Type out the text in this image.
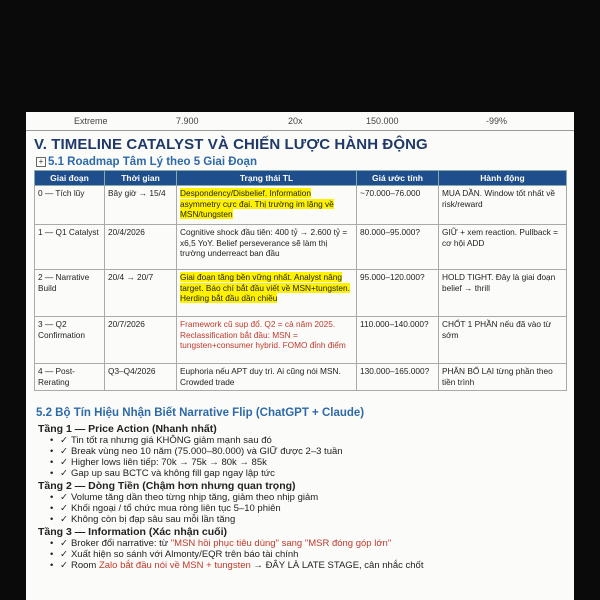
Extreme	7.900	20x	150.000	-99%
V. TIMELINE CATALYST VÀ CHIẾN LƯỢC HÀNH ĐỘNG
+ 5.1 Roadmap Tâm Lý theo 5 Giai Đoạn
Giai đoạn	Thời gian	Trạng thái TL	Giá ước tính	Hành động
0 — Tích lũy	Bây giờ → 15/4	Despondency/Disbelief. Information asymmetry cực đại. Thị trường im lặng về MSN/tungsten	~70.000–76.000	MUA DẦN. Window tốt nhất về risk/reward
1 — Q1 Catalyst	20/4/2026	Cognitive shock đầu tiên: 400 tỷ → 2.600 tỷ = x6,5 YoY. Belief perseverance sẽ làm thị trường underreact ban đầu	80.000–95.000?	GIỮ + xem reaction. Pullback = cơ hội ADD
2 — Narrative Build	20/4 → 20/7	Giai đoạn tăng bền vững nhất. Analyst nâng target. Báo chí bắt đầu viết về MSN+tungsten. Herding bắt đầu dần chiều	95.000–120.000?	HOLD TIGHT. Đây là giai đoạn belief → thrill
3 — Q2 Confirmation	20/7/2026	Framework cũ sụp đổ. Q2 = cả năm 2025. Reclassification bắt đầu: MSN = tungsten+consumer hybrid. FOMO đỉnh điểm	110.000–140.000?	CHỐT 1 PHẦN nếu đã vào từ sớm
4 — Post-Rerating	Q3–Q4/2026	Euphoria nếu APT duy trì. Ai cũng nói MSN. Crowded trade	130.000–165.000?	PHÂN BỔ LẠI từng phần theo tiền trình
5.2 Bộ Tín Hiệu Nhận Biết Narrative Flip (ChatGPT + Claude)
Tầng 1 — Price Action (Nhanh nhất)
• ✓ Tin tốt ra nhưng giá KHÔNG giảm mạnh sau đó
• ✓ Break vùng neo 10 năm (75.000–80.000) và GIỮ được 2–3 tuần
• ✓ Higher lows liên tiếp: 70k → 75k → 80k → 85k
• ✓ Gap up sau BCTC và không fill gap ngay lập tức
Tầng 2 — Dòng Tiền (Chậm hơn nhưng quan trọng)
• ✓ Volume tăng dần theo từng nhịp tăng, giảm theo nhịp giảm
• ✓ Khối ngoại / tổ chức mua ròng liên tục 5–10 phiên
• ✓ Không còn bị đạp sâu sau mỗi lần tăng
Tầng 3 — Information (Xác nhận cuối)
• ✓ Broker đổi narrative: từ "MSN hồi phục tiêu dùng" sang "MSR đóng góp lớn"
• ✓ Xuất hiện so sánh với Almonty/EQR trên báo tài chính
• ✓ Room Zalo bắt đầu nói về MSN + tungsten → ĐÂY LÀ LATE STAGE, cân nhắc chốt
